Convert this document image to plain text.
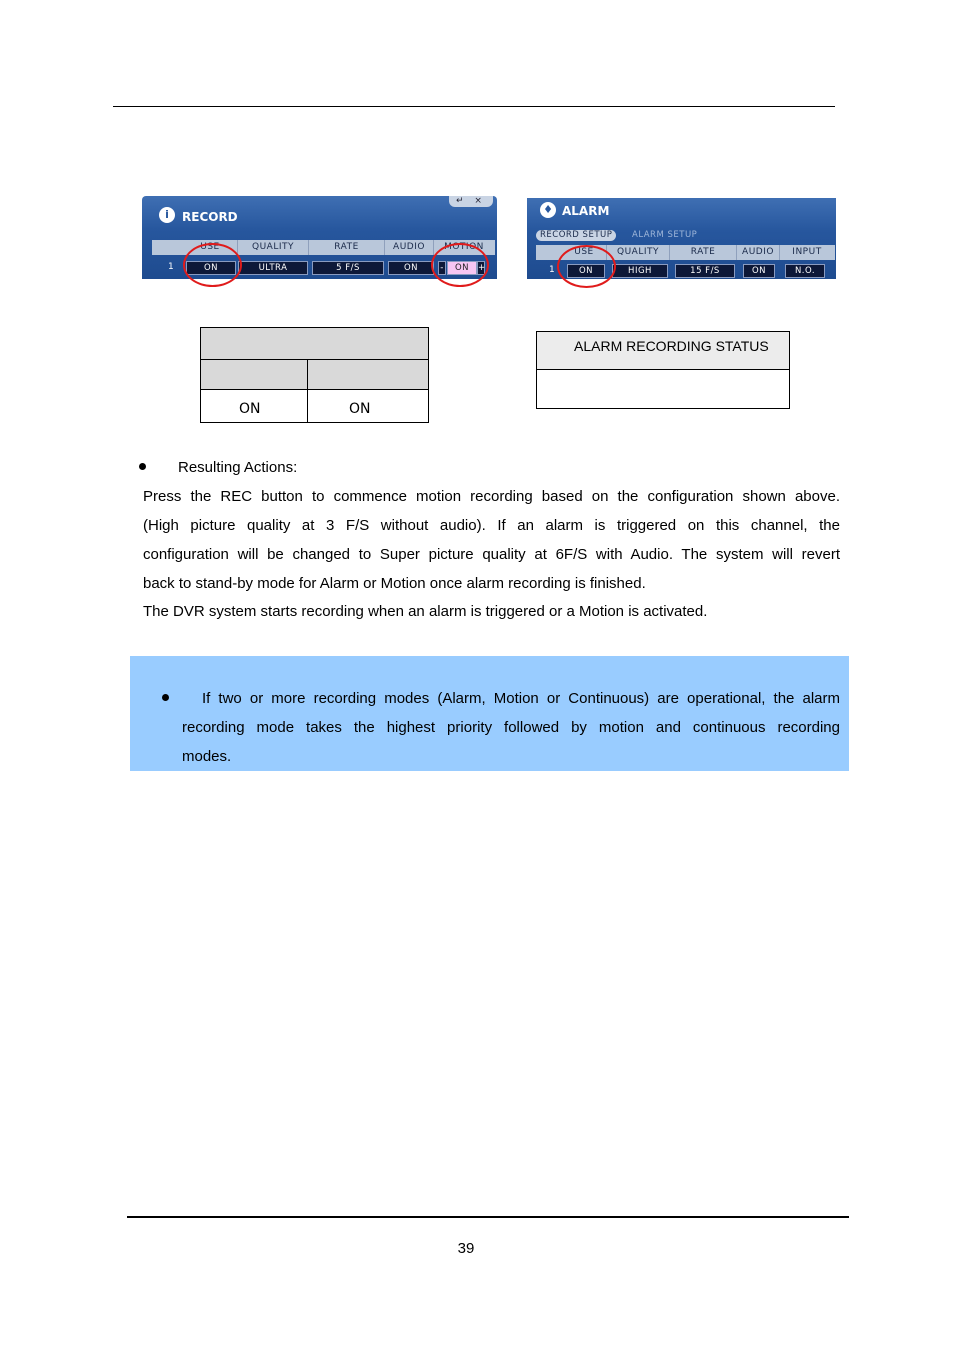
i	RECORD
↵ ×
USE	QUALITY	RATE	AUDIO	MOTION
1	ON	ULTRA	5 F/S	ON	-	ON	+
♦ ALARM
RECORD SETUP	ALARM SETUP
USE	QUALITY	RATE	AUDIO	INPUT
1	ON	HIGH	15 F/S	ON	N.O.
ON	ON
ALARM RECORDING STATUS
Resulting Actions:
Press the REC button to commence motion recording based on the configuration shown above.
(High picture quality at 3 F/S without audio). If an alarm is triggered on this channel, the
configuration will be changed to Super picture quality at 6F/S with Audio. The system will revert
back to stand-by mode for Alarm or Motion once alarm recording is finished.
The DVR system starts recording when an alarm is triggered or a Motion is activated.
If two or more recording modes (Alarm, Motion or Continuous) are operational, the alarm
recording mode takes the highest priority followed by motion and continuous recording
modes.
39
